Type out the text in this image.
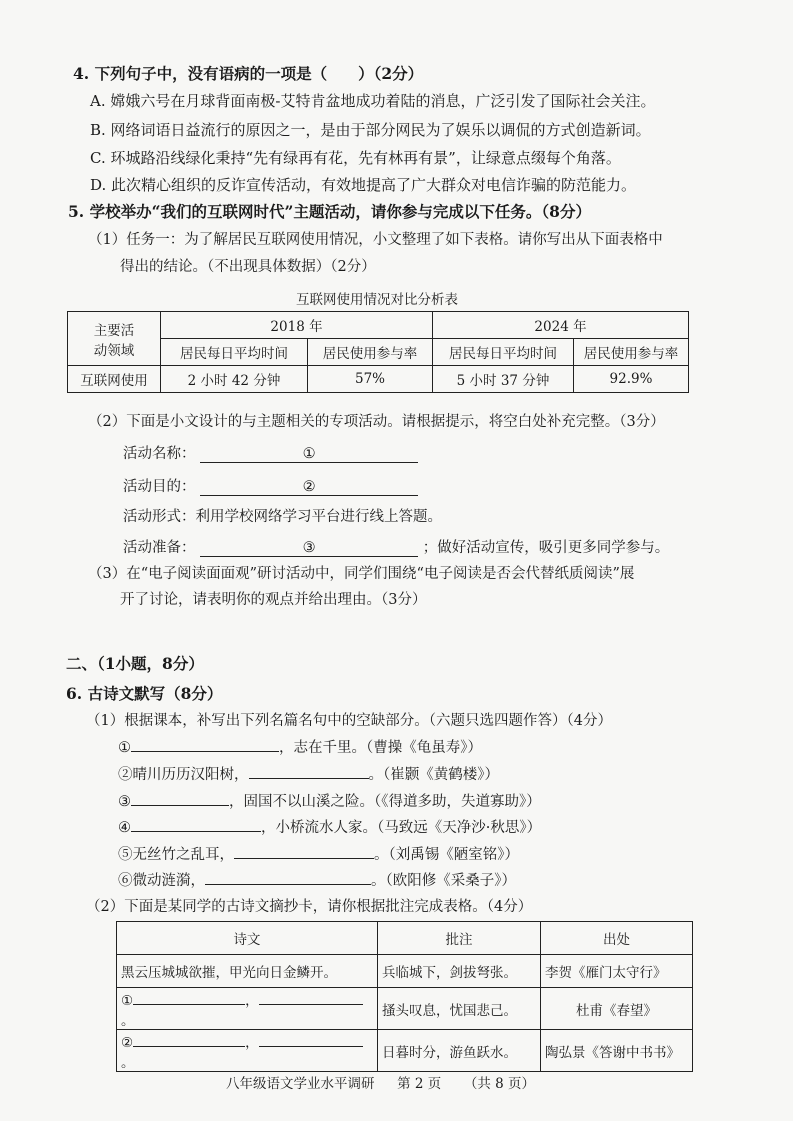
4. 下列句子中，没有语病的一项是（　　）（2分）
A. 嫦娥六号在月球背面南极-艾特肯盆地成功着陆的消息，广泛引发了国际社会关注。
B. 网络词语日益流行的原因之一，是由于部分网民为了娱乐以调侃的方式创造新词。
C. 环城路沿线绿化秉持“先有绿再有花，先有林再有景”，让绿意点缀每个角落。
D. 此次精心组织的反诈宣传活动，有效地提高了广大群众对电信诈骗的防范能力。
5. 学校举办“我们的互联网时代”主题活动，请你参与完成以下任务。（8分）
（1）任务一：为了解居民互联网使用情况，小文整理了如下表格。请你写出从下面表格中
得出的结论。（不出现具体数据）（2分）
互联网使用情况对比分析表
主要活
动领域	2018 年		2024 年	
	居民每日平均时间	居民使用参与率	居民每日平均时间	居民使用参与率
互联网使用	2 小时 42 分钟	57%	5 小时 37 分钟	92.9%
（2）下面是小文设计的与主题相关的专项活动。请根据提示，将空白处补充完整。（3分）
活动名称：	①
活动目的：	②
活动形式：利用学校网络学习平台进行线上答题。
活动准备：	③	；做好活动宣传，吸引更多同学参与。
（3）在“电子阅读面面观”研讨活动中，同学们围绕“电子阅读是否会代替纸质阅读”展
开了讨论，请表明你的观点并给出理由。（3分）
二、（1小题，8分）
6. 古诗文默写（8分）
（1）根据课本，补写出下列名篇名句中的空缺部分。（六题只选四题作答）（4分）
①	，志在千里。（曹操《龟虽寿》）
②晴川历历汉阳树，	。（崔颢《黄鹤楼》）
③	，固国不以山溪之险。（《得道多助，失道寡助》）
④	，小桥流水人家。（马致远《天净沙·秋思》）
⑤无丝竹之乱耳，	。（刘禹锡《陋室铭》）
⑥微动涟漪，	。（欧阳修《采桑子》）
（2）下面是某同学的古诗文摘抄卡，请你根据批注完成表格。（4分）
诗文	批注	出处
黑云压城城欲摧，甲光向日金鳞开。	兵临城下，剑拔弩张。	李贺《雁门太守行》
① ，。	搔头叹息，忧国悲己。	杜甫《春望》
② ，。	日暮时分，游鱼跃水。	陶弘景《答谢中书书》
八年级语文学业水平调研 第 2 页 （共 8 页）
